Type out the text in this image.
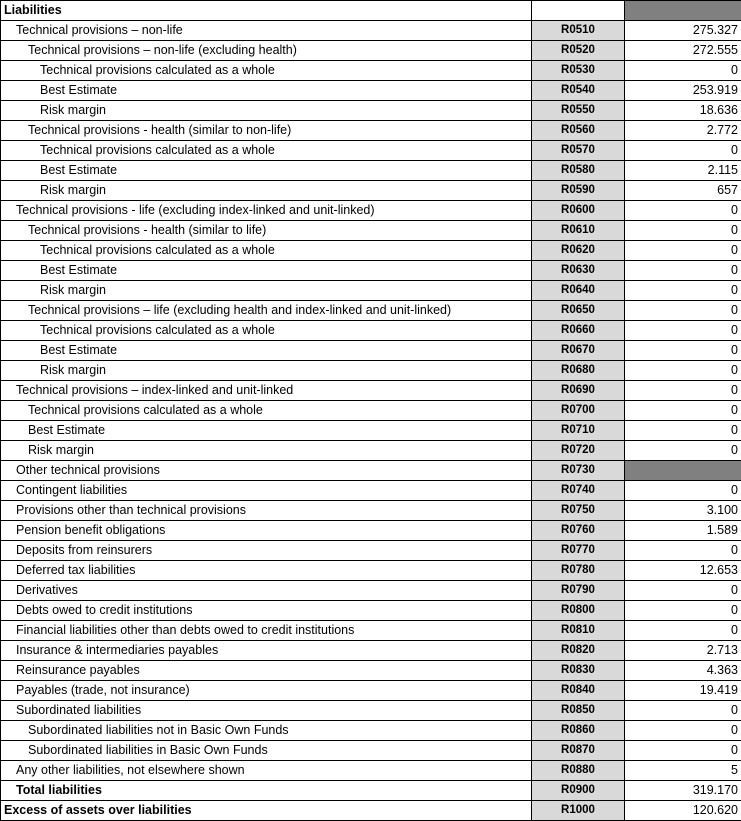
Liabilities		
Technical provisions – non-life	R0510	275.327
Technical provisions – non-life (excluding health)	R0520	272.555
Technical provisions calculated as a whole	R0530	0
Best Estimate	R0540	253.919
Risk margin	R0550	18.636
Technical provisions - health (similar to non-life)	R0560	2.772
Technical provisions calculated as a whole	R0570	0
Best Estimate	R0580	2.115
Risk margin	R0590	657
Technical provisions - life (excluding index-linked and unit-linked)	R0600	0
Technical provisions - health (similar to life)	R0610	0
Technical provisions calculated as a whole	R0620	0
Best Estimate	R0630	0
Risk margin	R0640	0
Technical provisions – life (excluding health and index-linked and unit-linked)	R0650	0
Technical provisions calculated as a whole	R0660	0
Best Estimate	R0670	0
Risk margin	R0680	0
Technical provisions – index-linked and unit-linked	R0690	0
Technical provisions calculated as a whole	R0700	0
Best Estimate	R0710	0
Risk margin	R0720	0
Other technical provisions	R0730	
Contingent liabilities	R0740	0
Provisions other than technical provisions	R0750	3.100
Pension benefit obligations	R0760	1.589
Deposits from reinsurers	R0770	0
Deferred tax liabilities	R0780	12.653
Derivatives	R0790	0
Debts owed to credit institutions	R0800	0
Financial liabilities other than debts owed to credit institutions	R0810	0
Insurance & intermediaries payables	R0820	2.713
Reinsurance payables	R0830	4.363
Payables (trade, not insurance)	R0840	19.419
Subordinated liabilities	R0850	0
Subordinated liabilities not in Basic Own Funds	R0860	0
Subordinated liabilities in Basic Own Funds	R0870	0
Any other liabilities, not elsewhere shown	R0880	5
Total liabilities	R0900	319.170
Excess of assets over liabilities	R1000	120.620
